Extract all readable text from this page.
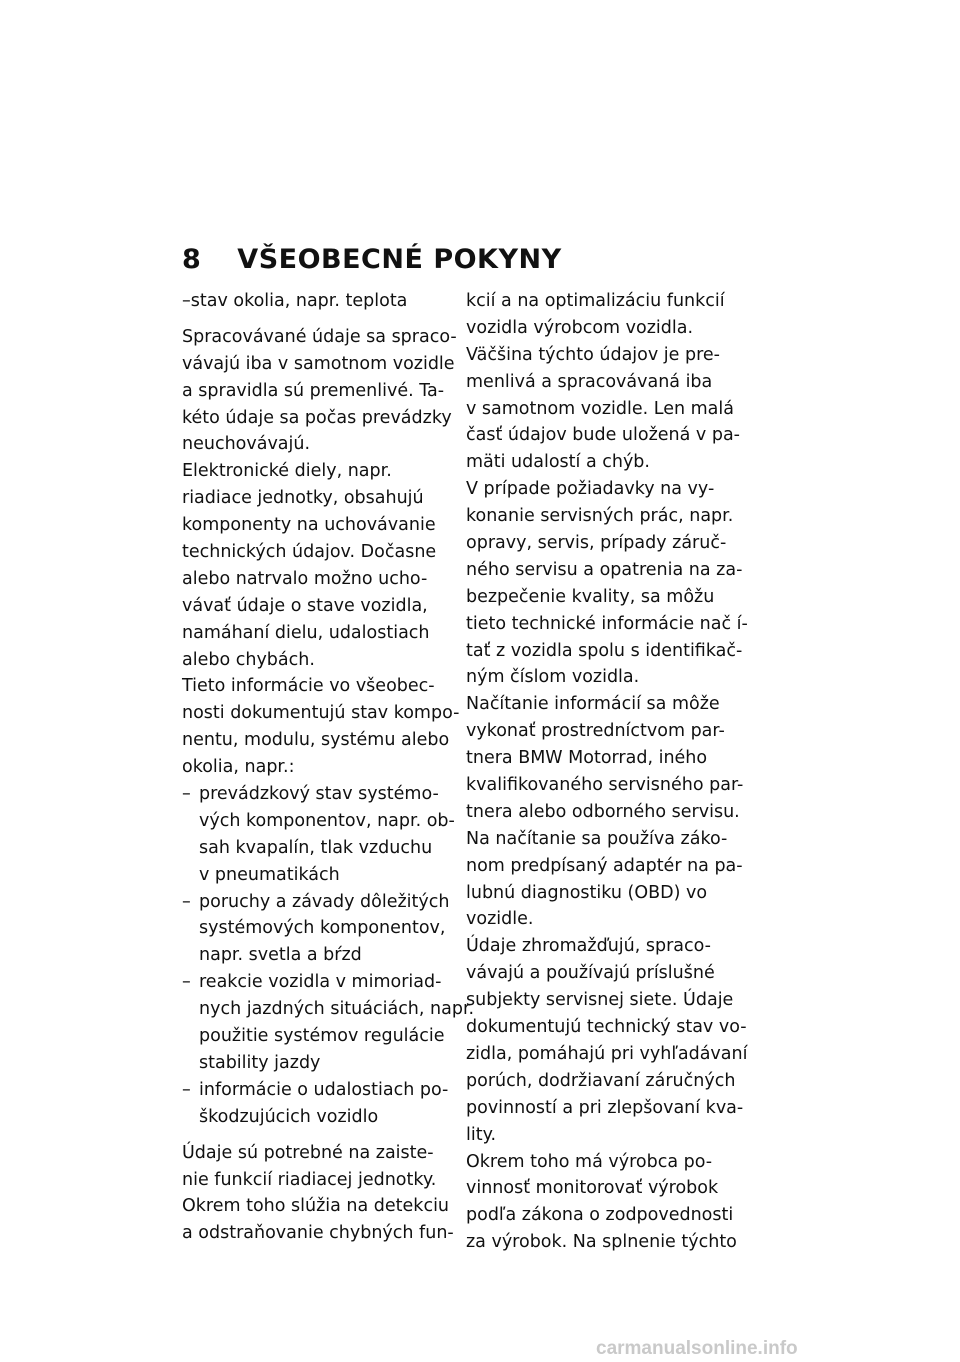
8 VŠEOBECNÉ POKYNY
–stav okolia, napr. teplota
Spracovávané údaje sa spraco-
vávajú iba v samotnom vozidle
a spravidla sú premenlivé. Ta-
kéto údaje sa počas prevádzky
neuchovávajú.
Elektronické diely, napr.
riadiace jednotky, obsahujú
komponenty na uchovávanie
technických údajov. Dočasne
alebo natrvalo možno ucho-
vávať údaje o stave vozidla,
namáhaní dielu, udalostiach
alebo chybách.
Tieto informácie vo všeobec-
nosti dokumentujú stav kompo-
nentu, modulu, systému alebo
okolia, napr.:
– prevádzkový stav systémo-
vých komponentov, napr. ob-
sah kvapalín, tlak vzduchu
v pneumatikách
– poruchy a závady dôležitých
systémových komponentov,
napr. svetla a bŕzd
– reakcie vozidla v mimoriad-
nych jazdných situáciách, napr.
použitie systémov regulácie
stability jazdy
– informácie o udalostiach po-
škodzujúcich vozidlo
Údaje sú potrebné na zaiste-
nie funkcií riadiacej jednotky.
Okrem toho slúžia na detekciu
a odstraňovanie chybných fun-
kcií a na optimalizáciu funkcií
vozidla výrobcom vozidla.
Väčšina týchto údajov je pre-
menlivá a spracovávaná iba
v samotnom vozidle. Len malá
časť údajov bude uložená v pa-
mäti udalostí a chýb.
V prípade požiadavky na vy-
konanie servisných prác, napr.
opravy, servis, prípady záruč-
ného servisu a opatrenia na za-
bezpečenie kvality, sa môžu
tieto technické informácie nač í-
tať z vozidla spolu s identifikač-
ným číslom vozidla.
Načítanie informácií sa môže
vykonať prostredníctvom par-
tnera BMW Motorrad, iného
kvalifikovaného servisného par-
tnera alebo odborného servisu.
Na načítanie sa používa záko-
nom predpísaný adaptér na pa-
lubnú diagnostiku (OBD) vo
vozidle.
Údaje zhromažďujú, spraco-
vávajú a používajú príslušné
subjekty servisnej siete. Údaje
dokumentujú technický stav vo-
zidla, pomáhajú pri vyhľadávaní
porúch, dodržiavaní záručných
povinností a pri zlepšovaní kva-
lity.
Okrem toho má výrobca po-
vinnosť monitorovať výrobok
podľa zákona o zodpovednosti
za výrobok. Na splnenie týchto
carmanualsonline.info
